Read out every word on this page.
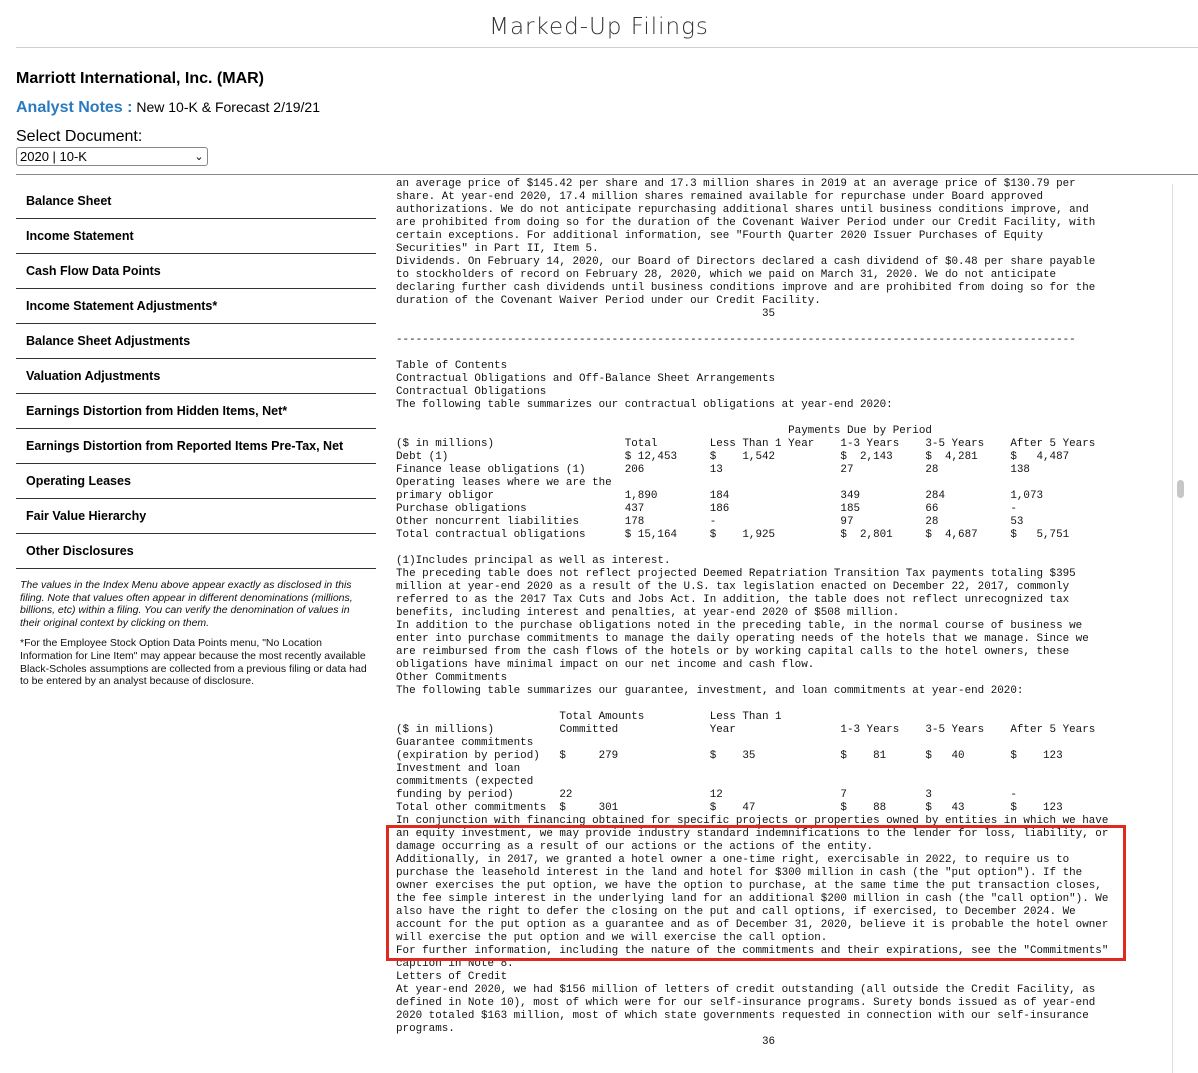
Marked-Up Filings
Marriott International, Inc. (MAR)
Analyst Notes : New 10-K & Forecast 2/19/21
Select Document:
2020 | 10-K	⌄
Balance Sheet
Income Statement
Cash Flow Data Points
Income Statement Adjustments*
Balance Sheet Adjustments
Valuation Adjustments
Earnings Distortion from Hidden Items, Net*
Earnings Distortion from Reported Items Pre-Tax, Net
Operating Leases
Fair Value Hierarchy
Other Disclosures
The values in the Index Menu above appear exactly as disclosed in this filing. Note that values often appear in different denominations (millions, billions, etc) within a filing. You can verify the denomination of values in their original context by clicking on them.
*For the Employee Stock Option Data Points menu, "No Location Information for Line Item" may appear because the most recently available Black-Scholes assumptions are collected from a previous filing or data had to be entered by an analyst because of disclosure.
an average price of $145.42 per share and 17.3 million shares in 2019 at an average price of $130.79 per
share. At year-end 2020, 17.4 million shares remained available for repurchase under Board approved
authorizations. We do not anticipate repurchasing additional shares until business conditions improve, and
are prohibited from doing so for the duration of the Covenant Waiver Period under our Credit Facility, with
certain exceptions. For additional information, see "Fourth Quarter 2020 Issuer Purchases of Equity
Securities" in Part II, Item 5.
Dividends. On February 14, 2020, our Board of Directors declared a cash dividend of $0.48 per share payable
to stockholders of record on February 28, 2020, which we paid on March 31, 2020. We do not anticipate
declaring further cash dividends until business conditions improve and are prohibited from doing so for the
duration of the Covenant Waiver Period under our Credit Facility.
35

--------------------------------------------------------------------------------------------------------

Table of Contents
Contractual Obligations and Off-Balance Sheet Arrangements
Contractual Obligations
The following table summarizes our contractual obligations at year-end 2020:

Payments Due by Period
($ in millions)                    Total        Less Than 1 Year    1-3 Years    3-5 Years    After 5 Years
Debt (1)                           $ 12,453     $    1,542          $  2,143     $  4,281     $   4,487
Finance lease obligations (1)      206          13                  27           28           138
Operating leases where we are the
primary obligor                    1,890        184                 349          284          1,073
Purchase obligations               437          186                 185          66           -
Other noncurrent liabilities       178          -                   97           28           53
Total contractual obligations      $ 15,164     $    1,925          $  2,801     $  4,687     $   5,751

(1)Includes principal as well as interest.
The preceding table does not reflect projected Deemed Repatriation Transition Tax payments totaling $395
million at year-end 2020 as a result of the U.S. tax legislation enacted on December 22, 2017, commonly
referred to as the 2017 Tax Cuts and Jobs Act. In addition, the table does not reflect unrecognized tax
benefits, including interest and penalties, at year-end 2020 of $508 million.
In addition to the purchase obligations noted in the preceding table, in the normal course of business we
enter into purchase commitments to manage the daily operating needs of the hotels that we manage. Since we
are reimbursed from the cash flows of the hotels or by working capital calls to the hotel owners, these
obligations have minimal impact on our net income and cash flow.
Other Commitments
The following table summarizes our guarantee, investment, and loan commitments at year-end 2020:

Total Amounts          Less Than 1
($ in millions)          Committed              Year                1-3 Years    3-5 Years    After 5 Years
Guarantee commitments
(expiration by period)   $     279              $    35             $    81      $   40       $    123
Investment and loan
commitments (expected
funding by period)       22                     12                  7            3            -
Total other commitments  $     301              $    47             $    88      $   43       $    123

In conjunction with financing obtained for specific projects or properties owned by entities in which we have
an equity investment, we may provide industry standard indemnifications to the lender for loss, liability, or
damage occurring as a result of our actions or the actions of the entity.
Additionally, in 2017, we granted a hotel owner a one-time right, exercisable in 2022, to require us to
purchase the leasehold interest in the land and hotel for $300 million in cash (the "put option"). If the
owner exercises the put option, we have the option to purchase, at the same time the put transaction closes,
the fee simple interest in the underlying land for an additional $200 million in cash (the "call option"). We
also have the right to defer the closing on the put and call options, if exercised, to December 2024. We
account for the put option as a guarantee and as of December 31, 2020, believe it is probable the hotel owner
will exercise the put option and we will exercise the call option.
For further information, including the nature of the commitments and their expirations, see the "Commitments"
caption in Note 8.
Letters of Credit
At year-end 2020, we had $156 million of letters of credit outstanding (all outside the Credit Facility, as
defined in Note 10), most of which were for our self-insurance programs. Surety bonds issued as of year-end
2020 totaled $163 million, most of which state governments requested in connection with our self-insurance
programs.
36
